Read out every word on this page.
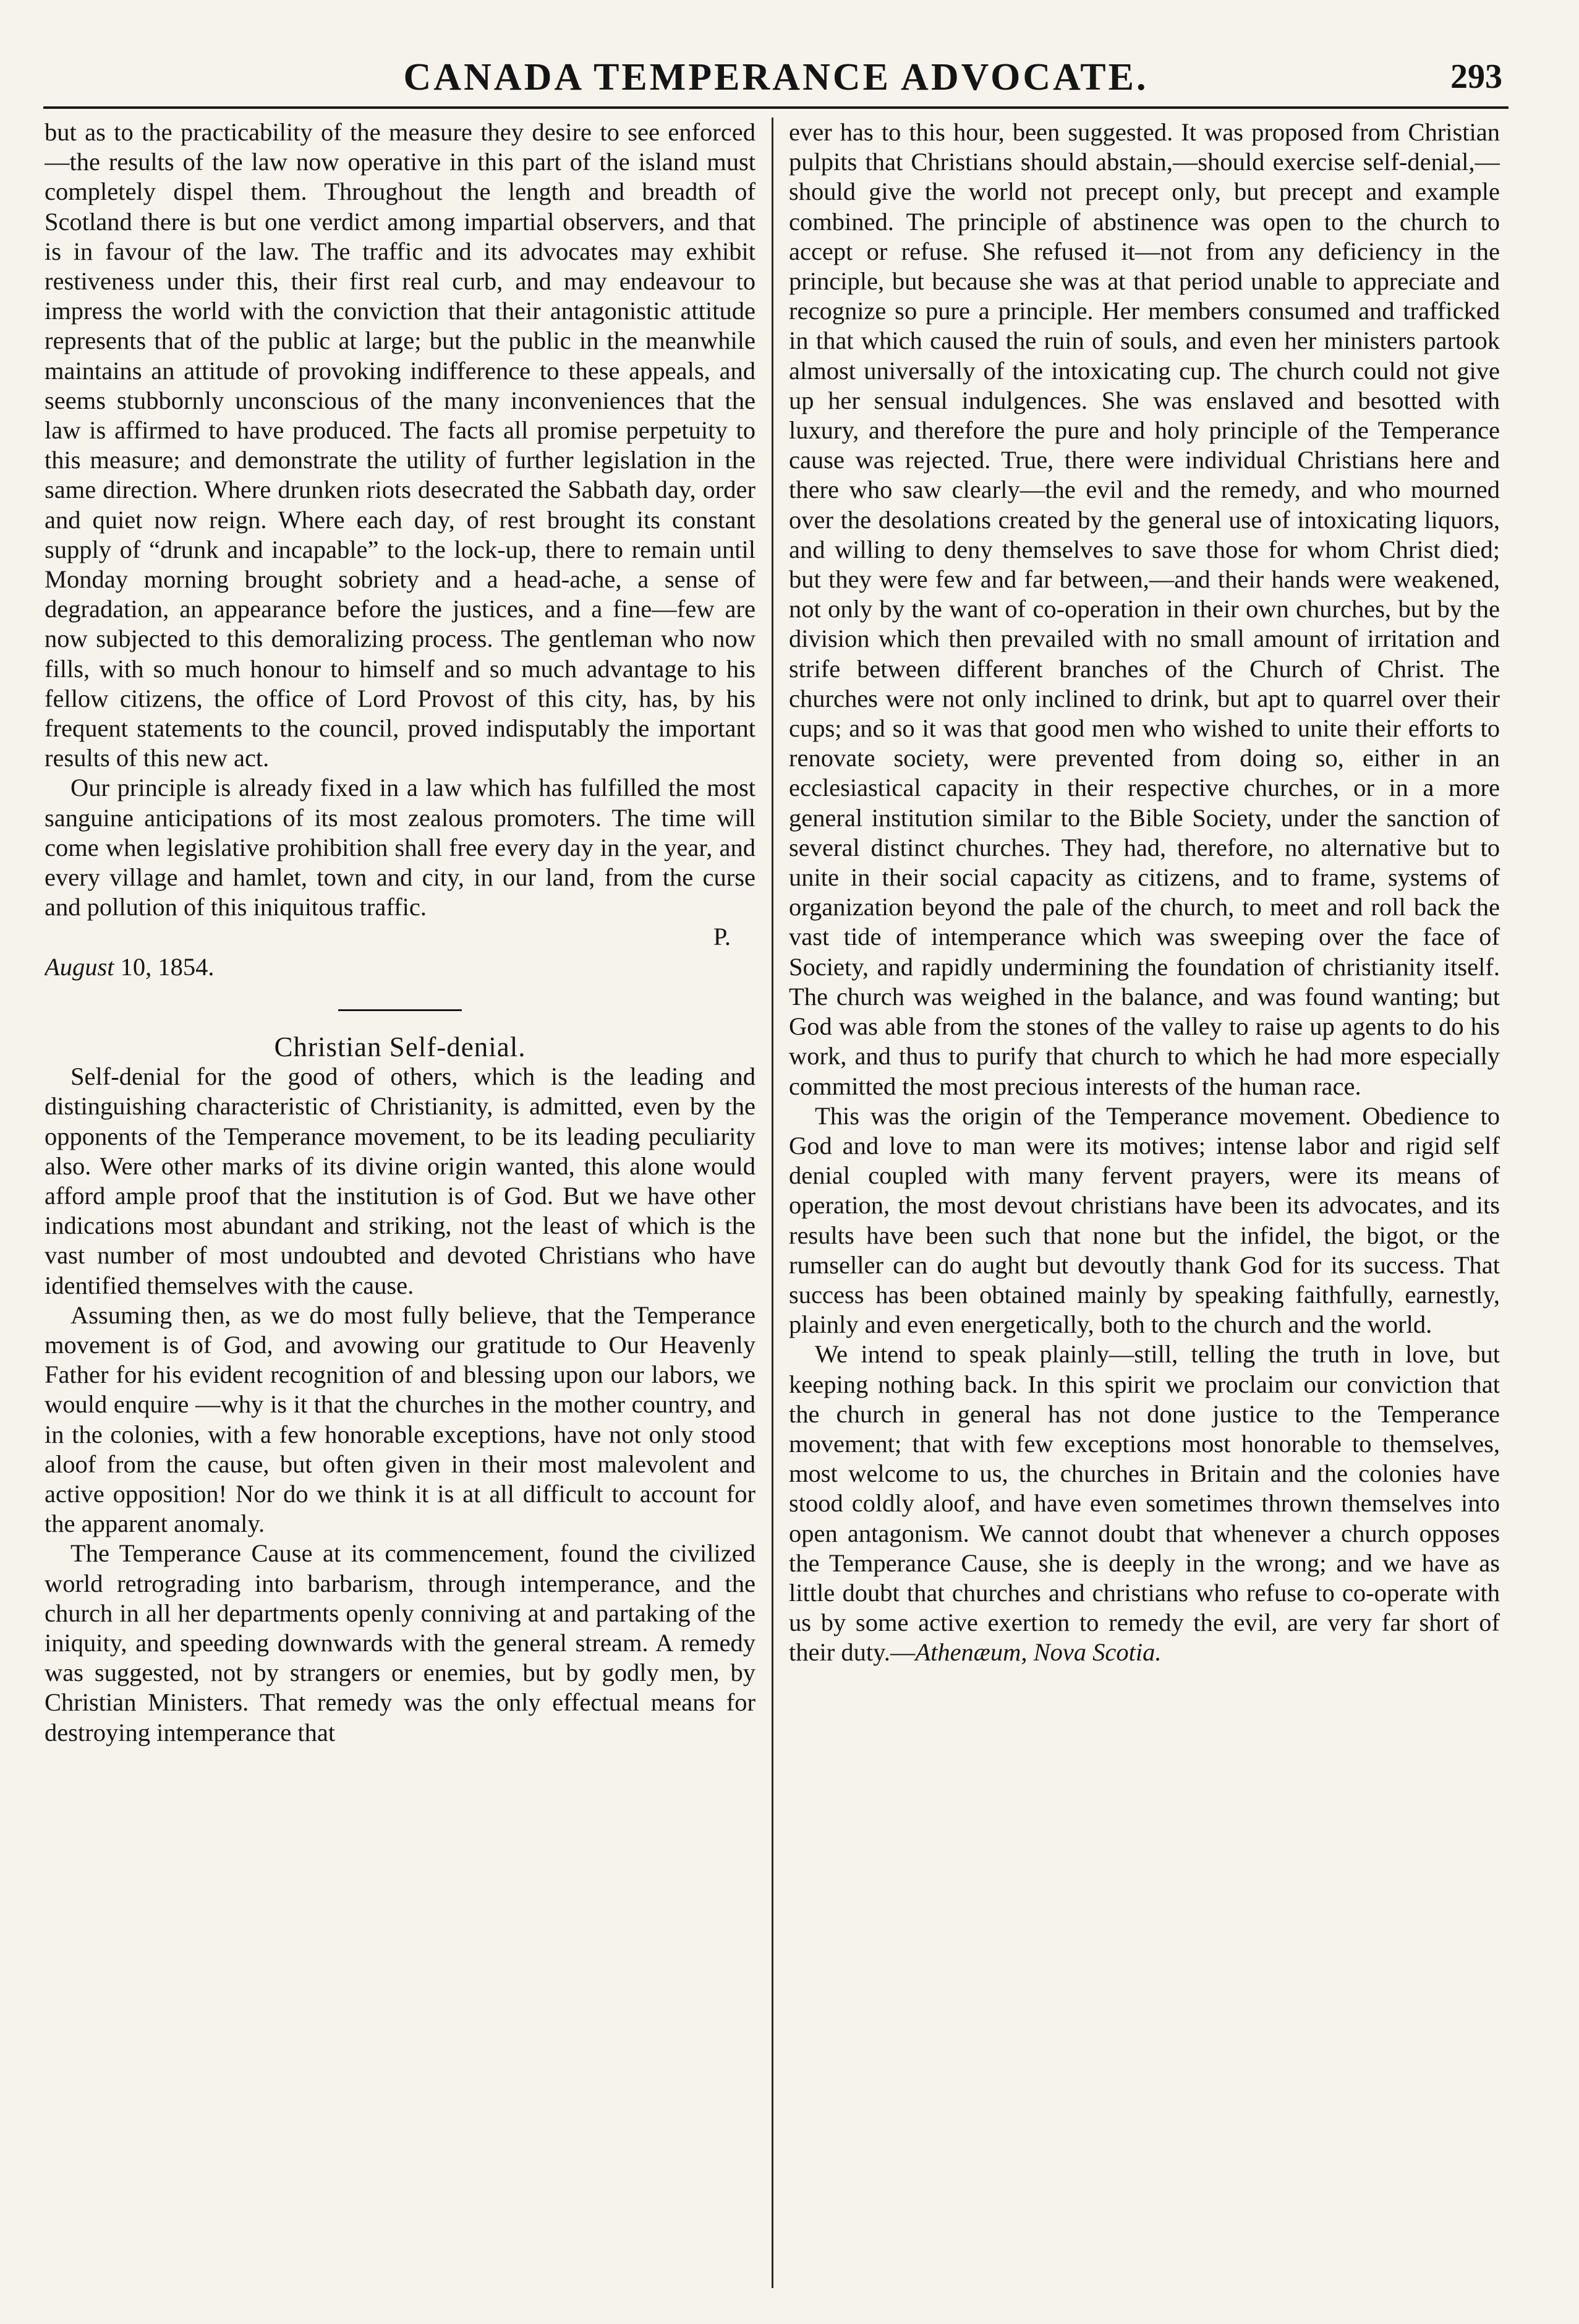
CANADA TEMPERANCE ADVOCATE.	293

but as to the practicability of the measure they desire to see enforced—the results of the law now operative in this part of the island must completely dispel them. Throughout the length and breadth of Scotland there is but one verdict among impartial observers, and that is in favour of the law. The traffic and its advocates may exhibit restiveness under this, their first real curb, and may endeavour to impress the world with the conviction that their antagonistic attitude represents that of the public at large; but the public in the meanwhile maintains an attitude of provoking indifference to these appeals, and seems stubbornly unconscious of the many inconveniences that the law is affirmed to have produced. The facts all promise perpetuity to this measure; and demonstrate the utility of further legislation in the same direction. Where drunken riots desecrated the Sabbath day, order and quiet now reign. Where each day, of rest brought its constant supply of “drunk and incapable” to the lock-up, there to remain until Monday morning brought sobriety and a head-ache, a sense of degradation, an appearance before the justices, and a fine—few are now subjected to this demoralizing process. The gentleman who now fills, with so much honour to himself and so much advantage to his fellow citizens, the office of Lord Provost of this city, has, by his frequent statements to the council, proved indisputably the important results of this new act.

Our principle is already fixed in a law which has fulfilled the most sanguine anticipations of its most zealous promoters. The time will come when legislative prohibition shall free every day in the year, and every village and hamlet, town and city, in our land, from the curse and pollution of this iniquitous traffic.

P.

August 10, 1854.

Christian Self-denial.

Self-denial for the good of others, which is the leading and distinguishing characteristic of Christianity, is admitted, even by the opponents of the Temperance movement, to be its leading peculiarity also. Were other marks of its divine origin wanted, this alone would afford ample proof that the institution is of God. But we have other indications most abundant and striking, not the least of which is the vast number of most undoubted and devoted Christians who have identified themselves with the cause.

Assuming then, as we do most fully believe, that the Temperance movement is of God, and avowing our gratitude to Our Heavenly Father for his evident recognition of and blessing upon our labors, we would enquire —why is it that the churches in the mother country, and in the colonies, with a few honorable exceptions, have not only stood aloof from the cause, but often given in their most malevolent and active opposition! Nor do we think it is at all difficult to account for the apparent anomaly.

The Temperance Cause at its commencement, found the civilized world retrograding into barbarism, through intemperance, and the church in all her departments openly conniving at and partaking of the iniquity, and speeding downwards with the general stream. A remedy was suggested, not by strangers or enemies, but by godly men, by Christian Ministers. That remedy was the only effectual means for destroying intemperance that

ever has to this hour, been suggested. It was proposed from Christian pulpits that Christians should abstain,—should exercise self-denial,—should give the world not precept only, but precept and example combined. The principle of abstinence was open to the church to accept or refuse. She refused it—not from any deficiency in the principle, but because she was at that period unable to appreciate and recognize so pure a principle. Her members consumed and trafficked in that which caused the ruin of souls, and even her ministers partook almost universally of the intoxicating cup. The church could not give up her sensual indulgences. She was enslaved and besotted with luxury, and therefore the pure and holy principle of the Temperance cause was rejected. True, there were individual Christians here and there who saw clearly—the evil and the remedy, and who mourned over the desolations created by the general use of intoxicating liquors, and willing to deny themselves to save those for whom Christ died; but they were few and far between,—and their hands were weakened, not only by the want of co-operation in their own churches, but by the division which then prevailed with no small amount of irritation and strife between different branches of the Church of Christ. The churches were not only inclined to drink, but apt to quarrel over their cups; and so it was that good men who wished to unite their efforts to renovate society, were prevented from doing so, either in an ecclesiastical capacity in their respective churches, or in a more general institution similar to the Bible Society, under the sanction of several distinct churches. They had, therefore, no alternative but to unite in their social capacity as citizens, and to frame, systems of organization beyond the pale of the church, to meet and roll back the vast tide of intemperance which was sweeping over the face of Society, and rapidly undermining the foundation of christianity itself. The church was weighed in the balance, and was found wanting; but God was able from the stones of the valley to raise up agents to do his work, and thus to purify that church to which he had more especially committed the most precious interests of the human race.

This was the origin of the Temperance movement. Obedience to God and love to man were its motives; intense labor and rigid self denial coupled with many fervent prayers, were its means of operation, the most devout christians have been its advocates, and its results have been such that none but the infidel, the bigot, or the rumseller can do aught but devoutly thank God for its success. That success has been obtained mainly by speaking faithfully, earnestly, plainly and even energetically, both to the church and the world.

We intend to speak plainly—still, telling the truth in love, but keeping nothing back. In this spirit we proclaim our conviction that the church in general has not done justice to the Temperance movement; that with few exceptions most honorable to themselves, most welcome to us, the churches in Britain and the colonies have stood coldly aloof, and have even sometimes thrown themselves into open antagonism. We cannot doubt that whenever a church opposes the Temperance Cause, she is deeply in the wrong; and we have as little doubt that churches and christians who refuse to co-operate with us by some active exertion to remedy the evil, are very far short of their duty.—Athenæum, Nova Scotia.
